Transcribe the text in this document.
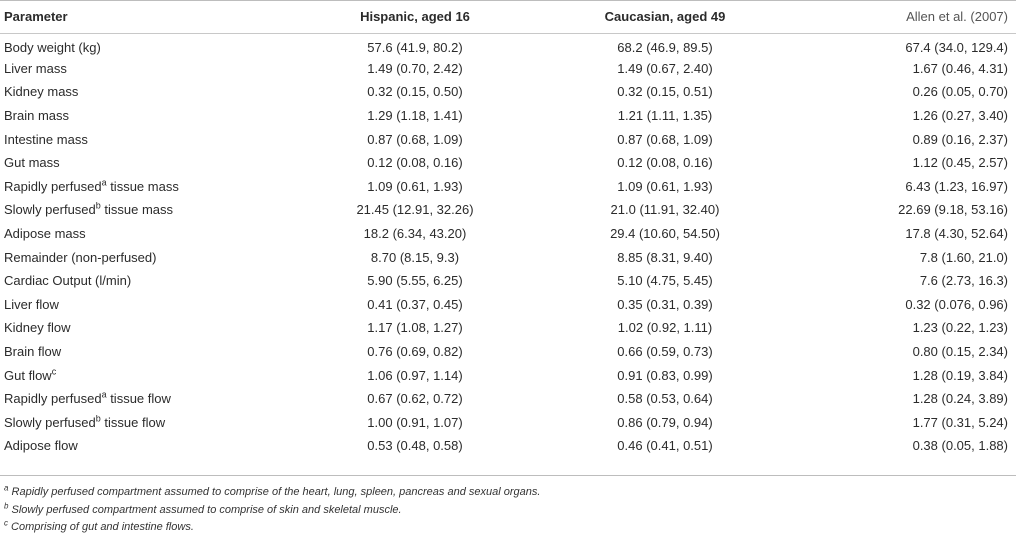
Parameter	Hispanic, aged 16	Caucasian, aged 49	Allen et al. (2007)
Body weight (kg)	57.6 (41.9, 80.2)	68.2 (46.9, 89.5)	67.4 (34.0, 129.4)
Liver mass	1.49 (0.70, 2.42)	1.49 (0.67, 2.40)	1.67 (0.46, 4.31)
Kidney mass	0.32 (0.15, 0.50)	0.32 (0.15, 0.51)	0.26 (0.05, 0.70)
Brain mass	1.29 (1.18, 1.41)	1.21 (1.11, 1.35)	1.26 (0.27, 3.40)
Intestine mass	0.87 (0.68, 1.09)	0.87 (0.68, 1.09)	0.89 (0.16, 2.37)
Gut mass	0.12 (0.08, 0.16)	0.12 (0.08, 0.16)	1.12 (0.45, 2.57)
Rapidly perfused$^a$ tissue mass	1.09 (0.61, 1.93)	1.09 (0.61, 1.93)	6.43 (1.23, 16.97)
Slowly perfused$^b$ tissue mass	21.45 (12.91, 32.26)	21.0 (11.91, 32.40)	22.69 (9.18, 53.16)
Adipose mass	18.2 (6.34, 43.20)	29.4 (10.60, 54.50)	17.8 (4.30, 52.64)
Remainder (non-perfused)	8.70 (8.15, 9.3)	8.85 (8.31, 9.40)	7.8 (1.60, 21.0)
Cardiac Output (l/min)	5.90 (5.55, 6.25)	5.10 (4.75, 5.45)	7.6 (2.73, 16.3)
Liver flow	0.41 (0.37, 0.45)	0.35 (0.31, 0.39)	0.32 (0.076, 0.96)
Kidney flow	1.17 (1.08, 1.27)	1.02 (0.92, 1.11)	1.23 (0.22, 1.23)
Brain flow	0.76 (0.69, 0.82)	0.66 (0.59, 0.73)	0.80 (0.15, 2.34)
Gut flow$^c$	1.06 (0.97, 1.14)	0.91 (0.83, 0.99)	1.28 (0.19, 3.84)
Rapidly perfused$^a$ tissue flow	0.67 (0.62, 0.72)	0.58 (0.53, 0.64)	1.28 (0.24, 3.89)
Slowly perfused$^b$ tissue flow	1.00 (0.91, 1.07)	0.86 (0.79, 0.94)	1.77 (0.31, 5.24)
Adipose flow	0.53 (0.48, 0.58)	0.46 (0.41, 0.51)	0.38 (0.05, 1.88)
$^a$ Rapidly perfused compartment assumed to comprise of the heart, lung, spleen, pancreas and sexual organs.
$^b$ Slowly perfused compartment assumed to comprise of skin and skeletal muscle.
$^c$ Comprising of gut and intestine flows.
